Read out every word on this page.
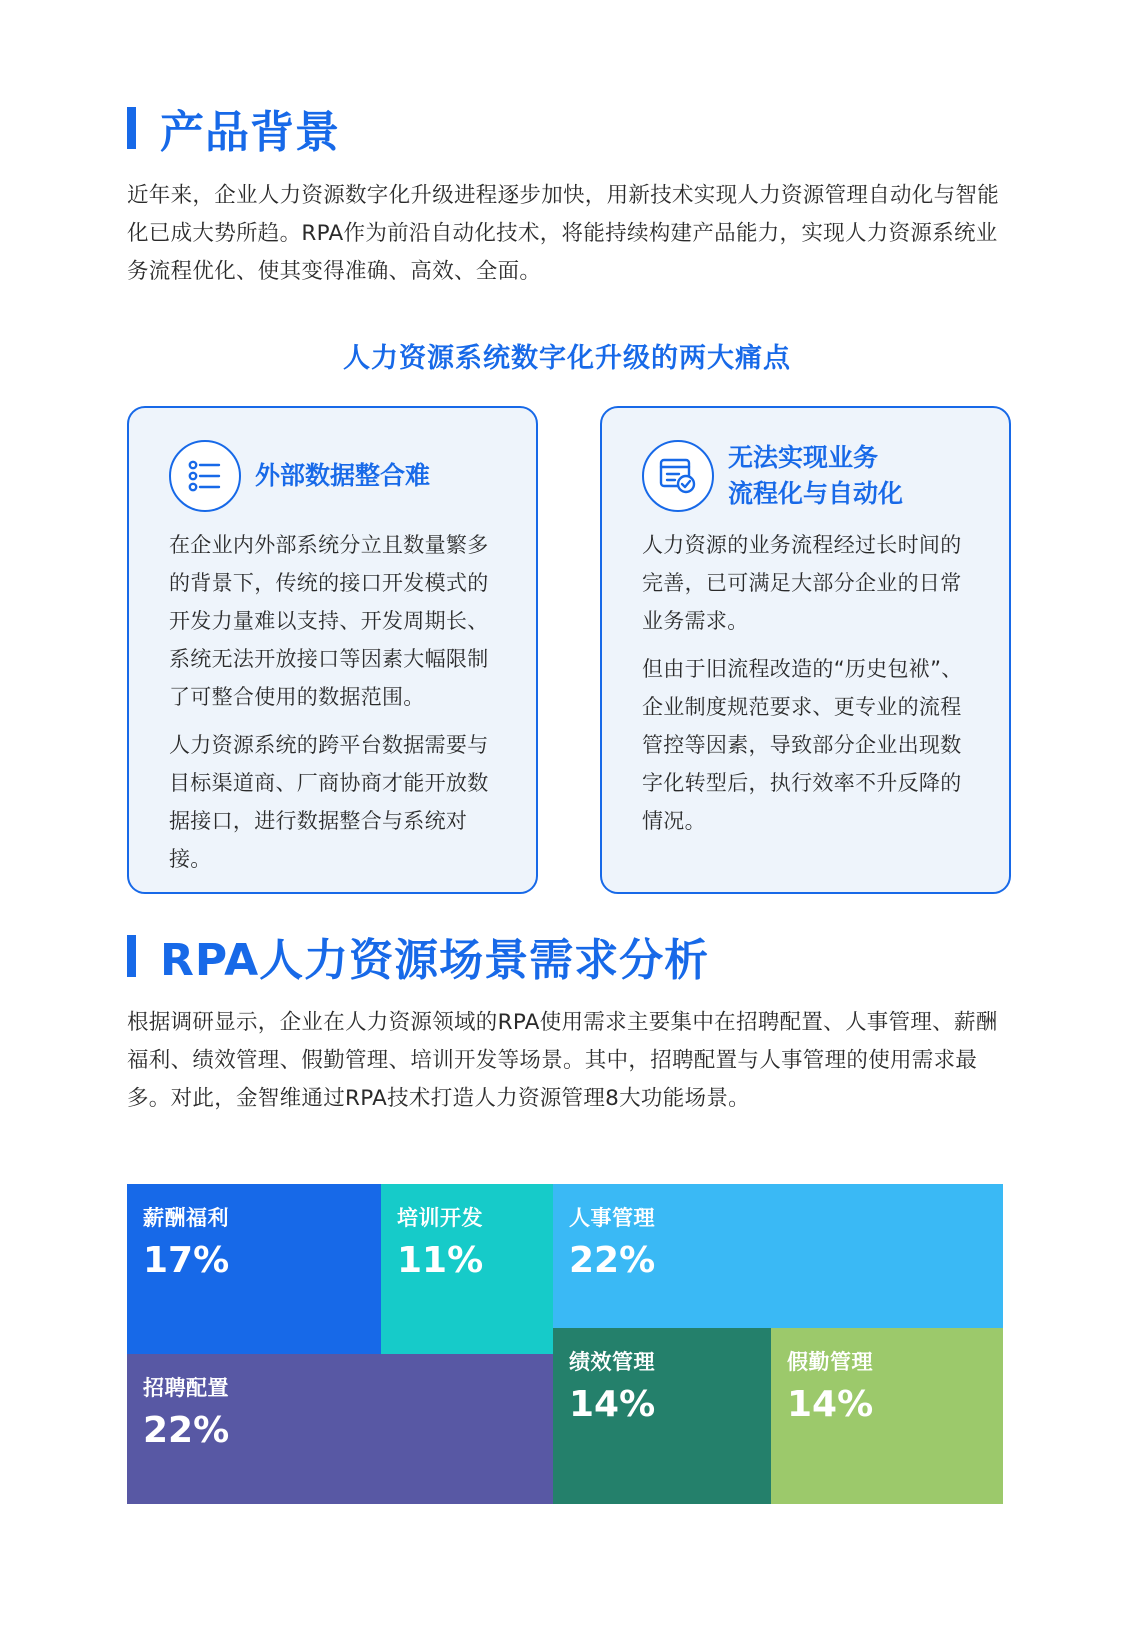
产品背景
近年来，企业人力资源数字化升级进程逐步加快，用新技术实现人力资源管理自动化与智能化已成大势所趋。RPA作为前沿自动化技术，将能持续构建产品能力，实现人力资源系统业务流程优化、使其变得准确、高效、全面。
人力资源系统数字化升级的两大痛点
外部数据整合难

在企业内外部系统分立且数量繁多的背景下，传统的接口开发模式的开发力量难以支持、开发周期长、系统无法开放接口等因素大幅限制了可整合使用的数据范围。

人力资源系统的跨平台数据需要与目标渠道商、厂商协商才能开放数据接口，进行数据整合与系统对接。

无法实现业务
流程化与自动化

人力资源的业务流程经过长时间的完善，已可满足大部分企业的日常业务需求。

但由于旧流程改造的“历史包袱”、企业制度规范要求、更专业的流程管控等因素，导致部分企业出现数字化转型后，执行效率不升反降的情况。

RPA人力资源场景需求分析
根据调研显示，企业在人力资源领域的RPA使用需求主要集中在招聘配置、人事管理、薪酬福利、绩效管理、假勤管理、培训开发等场景。其中，招聘配置与人事管理的使用需求最多。对此，金智维通过RPA技术打造人力资源管理8大功能场景。
薪酬福利
17%
培训开发
11%
人事管理
22%
绩效管理
14%
假勤管理
14%
招聘配置
22%
